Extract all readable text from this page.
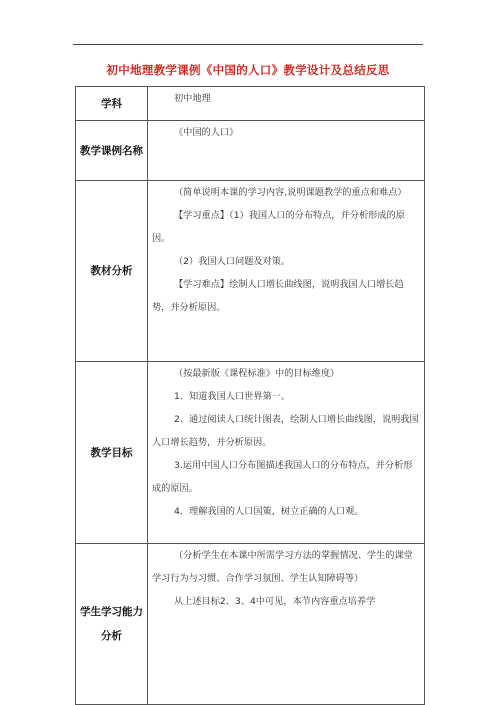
初中地理教学课例《中国的人口》教学设计及总结反思
学科	初中地理

教学课例名称	《中国的人口》

教材分析	（简单说明本课的学习内容,说明课题教学的重点和难点）

【学习重点】（1）我国人口的分布特点，并分析形成的原因。

（2）我国人口问题及对策。

【学习难点】绘制人口增长曲线图，说明我国人口增长趋势，并分析原因。

教学目标	（按最新版《课程标准》中的目标维度）

1．知道我国人口世界第一。

2、通过阅读人口统计图表，绘制人口增长曲线图，说明我国人口增长趋势，并分析原因。

3.运用中国人口分布图描述我国人口的分布特点，并分析形成的原因。

4．理解我国的人口国策，树立正确的人口观。

学生学习能力分析	（分析学生在本课中所需学习方法的掌握情况、学生的课堂学习行为与习惯、合作学习氛围、学生认知障碍等）

从上述目标2、3、4中可见，本节内容重点培养学
